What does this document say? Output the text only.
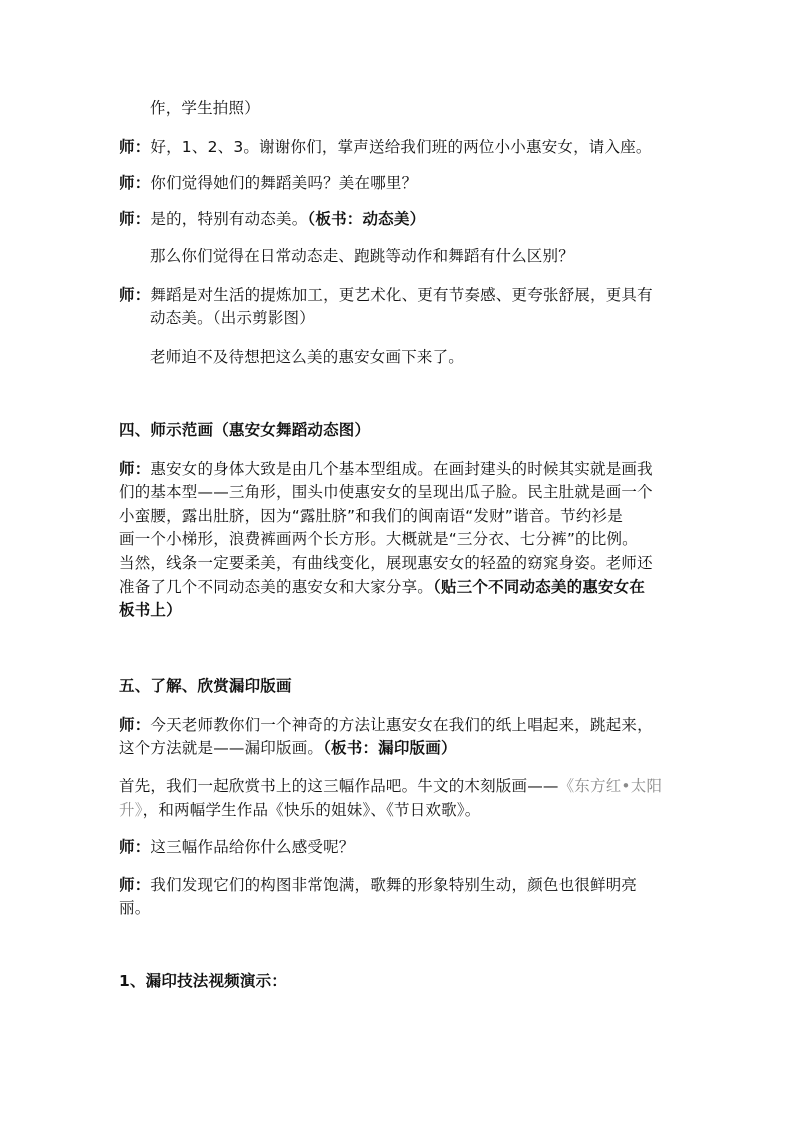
作，学生拍照）
师：好，1、2、3。谢谢你们，掌声送给我们班的两位小小惠安女，请入座。
师：你们觉得她们的舞蹈美吗？美在哪里？
师：是的，特别有动态美。（板书：动态美）
那么你们觉得在日常动态走、跑跳等动作和舞蹈有什么区别？
师：舞蹈是对生活的提炼加工，更艺术化、更有节奏感、更夸张舒展，更具有
动态美。（出示剪影图）
老师迫不及待想把这么美的惠安女画下来了。
四、师示范画（惠安女舞蹈动态图）
师：惠安女的身体大致是由几个基本型组成。在画封建头的时候其实就是画我
们的基本型——三角形，围头巾使惠安女的呈现出瓜子脸。民主肚就是画一个
小蛮腰，露出肚脐，因为“露肚脐”和我们的闽南语“发财”谐音。节约衫是
画一个小梯形，浪费裤画两个长方形。大概就是“三分衣、七分裤”的比例。
当然，线条一定要柔美，有曲线变化，展现惠安女的轻盈的窈窕身姿。老师还
准备了几个不同动态美的惠安女和大家分享。（贴三个不同动态美的惠安女在
板书上）
五、了解、欣赏漏印版画
师：今天老师教你们一个神奇的方法让惠安女在我们的纸上唱起来，跳起来，
这个方法就是——漏印版画。（板书：漏印版画）
首先，我们一起欣赏书上的这三幅作品吧。牛文的木刻版画——《东方红•太阳
升》，和两幅学生作品《快乐的姐妹》、《节日欢歌》。
师：这三幅作品给你什么感受呢？
师：我们发现它们的构图非常饱满，歌舞的形象特别生动，颜色也很鲜明亮
丽。
1、漏印技法视频演示：
